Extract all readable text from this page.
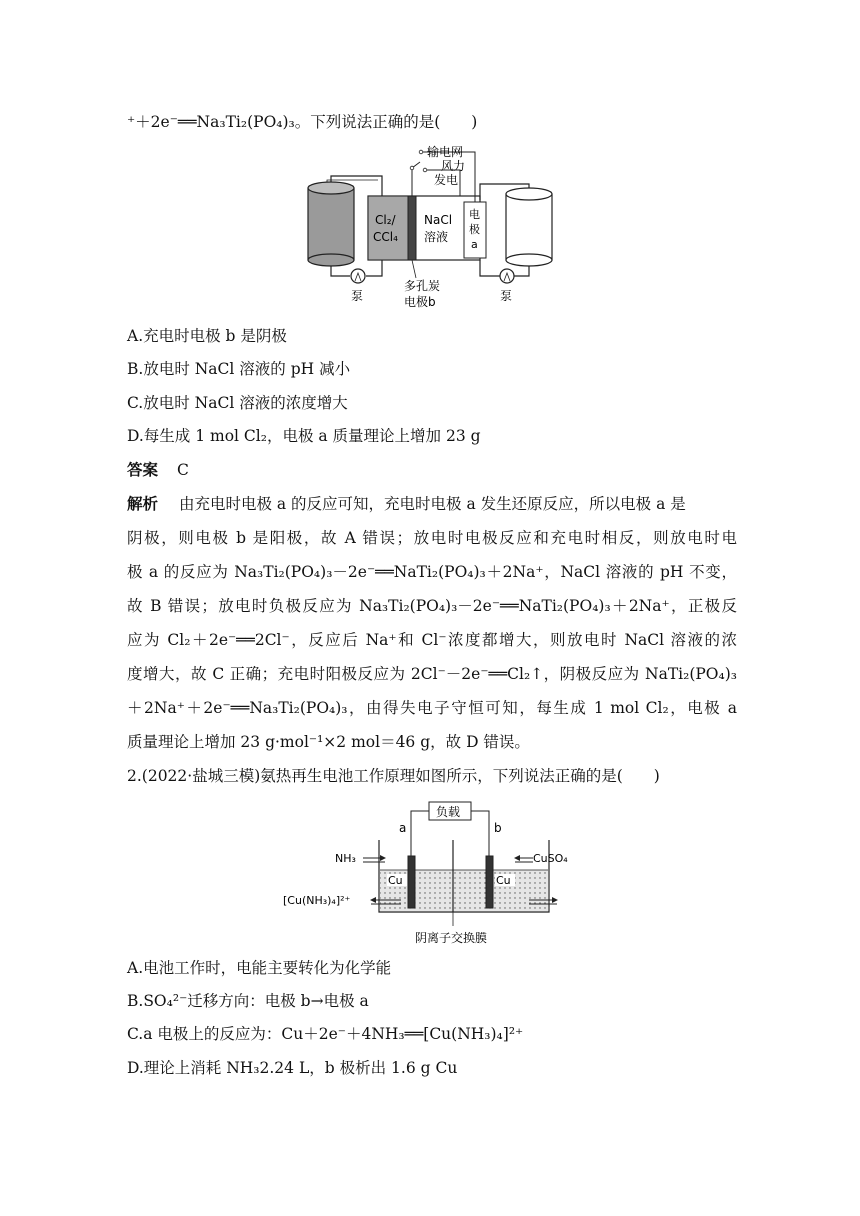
⁺＋2e⁻══Na₃Ti₂(PO₄)₃。下列说法正确的是(　　)
输电网
风力
发电
Cl₂/
CCl₄
NaCl
溶液
电
极
a
泵	泵
多孔炭
电极b
A.充电时电极 b 是阴极
B.放电时 NaCl 溶液的 pH 减小
C.放电时 NaCl 溶液的浓度增大
D.每生成 1 mol Cl₂，电极 a 质量理论上增加 23 g
答案 C
解析 由充电时电极 a 的反应可知，充电时电极 a 发生还原反应，所以电极 a 是
阴极，则电极 b 是阳极，故 A 错误；放电时电极反应和充电时相反，则放电时电
极 a 的反应为 Na₃Ti₂(PO₄)₃－2e⁻══NaTi₂(PO₄)₃＋2Na⁺，NaCl 溶液的 pH 不变，
故 B 错误；放电时负极反应为 Na₃Ti₂(PO₄)₃－2e⁻══NaTi₂(PO₄)₃＋2Na⁺，正极反
应为 Cl₂＋2e⁻══2Cl⁻，反应后 Na⁺和 Cl⁻浓度都增大，则放电时 NaCl 溶液的浓
度增大，故 C 正确；充电时阳极反应为 2Cl⁻－2e⁻══Cl₂↑，阴极反应为 NaTi₂(PO₄)₃
＋2Na⁺＋2e⁻══Na₃Ti₂(PO₄)₃，由得失电子守恒可知，每生成 1 mol Cl₂，电极 a
质量理论上增加 23 g·mol⁻¹×2 mol＝46 g，故 D 错误。
2.(2022·盐城三模)氨热再生电池工作原理如图所示，下列说法正确的是(　　)
负载
a	b
Cu	Cu
NH₃
[Cu(NH₃)₄]²⁺
CuSO₄
阴离子交换膜
A.电池工作时，电能主要转化为化学能
B.SO₄²⁻迁移方向：电极 b→电极 a
C.a 电极上的反应为：Cu＋2e⁻＋4NH₃══[Cu(NH₃)₄]²⁺
D.理论上消耗 NH₃2.24 L，b 极析出 1.6 g Cu
